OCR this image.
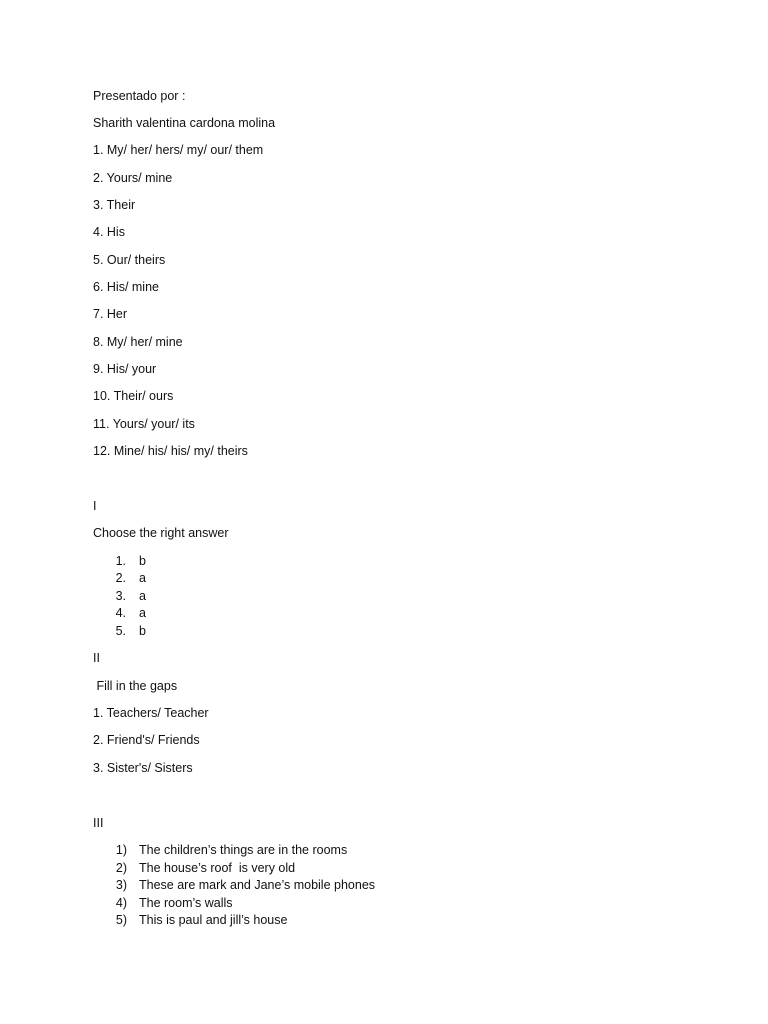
Presentado por :
Sharith valentina cardona molina
1. My/ her/ hers/ my/ our/ them
2. Yours/ mine
3. Their
4. His
5. Our/ theirs
6. His/ mine
7. Her
8. My/ her/ mine
9. His/ your
10. Their/ ours
11. Yours/ your/ its
12. Mine/ his/ his/ my/ theirs
I
Choose the right answer
1. b
2. a
3. a
4. a
5. b
II
Fill in the gaps
1. Teachers/ Teacher
2. Friend's/ Friends
3. Sister's/ Sisters
III
1) The children’s things are in the rooms
2) The house’s roof  is very old
3) These are mark and Jane’s mobile phones
4) The room’s walls
5) This is paul and jill’s house
